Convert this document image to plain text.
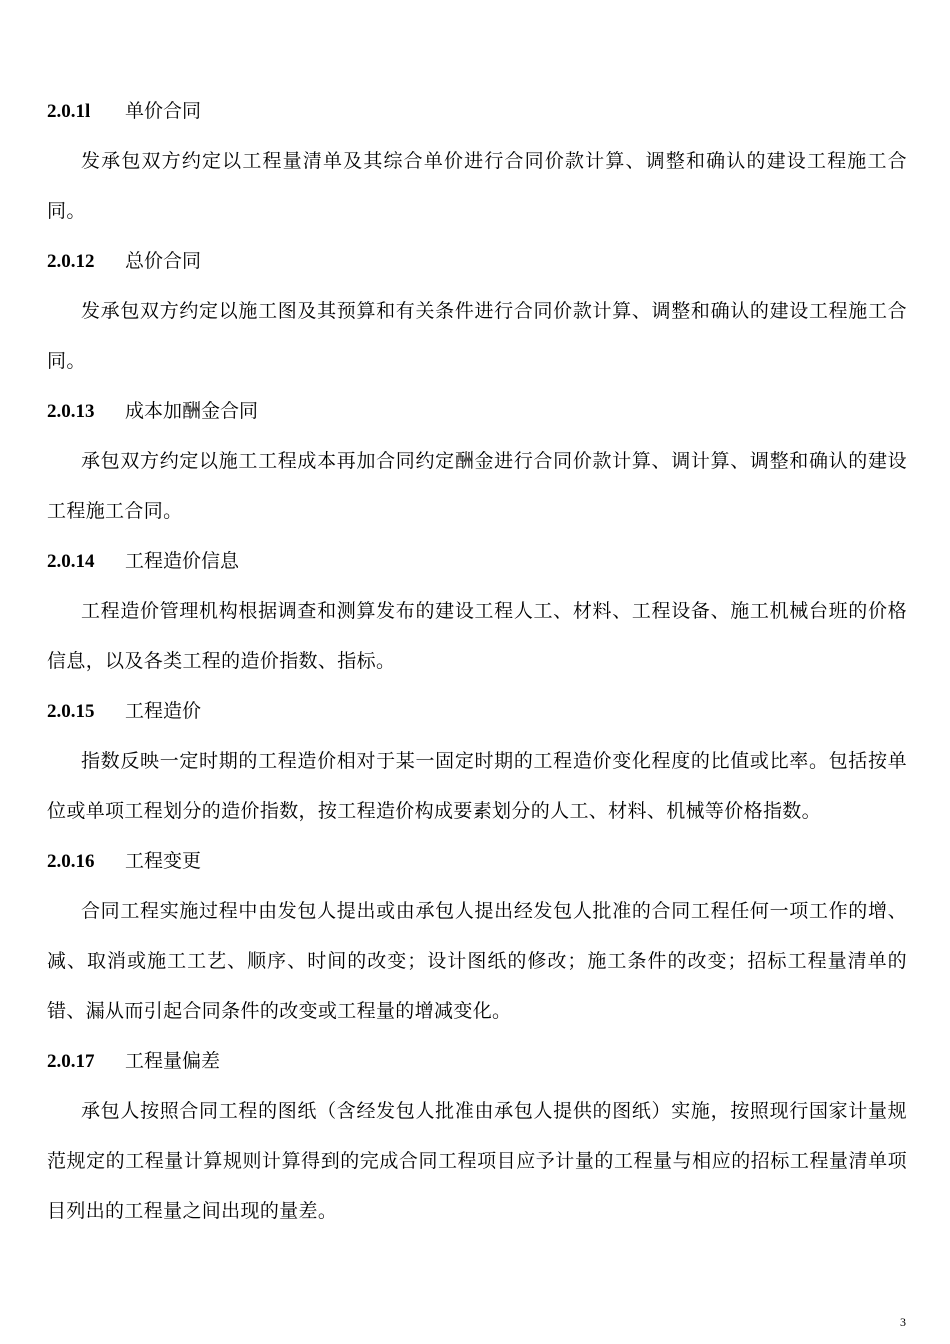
2.0.1l 单价合同

发承包双方约定以工程量清单及其综合单价进行合同价款计算、调整和确认的建设工程施工合同。

2.0.12 总价合同

发承包双方约定以施工图及其预算和有关条件进行合同价款计算、调整和确认的建设工程施工合同。

2.0.13 成本加酬金合同

承包双方约定以施工工程成本再加合同约定酬金进行合同价款计算、调计算、调整和确认的建设工程施工合同。

2.0.14 工程造价信息

工程造价管理机构根据调查和测算发布的建设工程人工、材料、工程设备、施工机械台班的价格信息，以及各类工程的造价指数、指标。

2.0.15 工程造价

指数反映一定时期的工程造价相对于某一固定时期的工程造价变化程度的比值或比率。包括按单位或单项工程划分的造价指数，按工程造价构成要素划分的人工、材料、机械等价格指数。

2.0.16 工程变更

合同工程实施过程中由发包人提出或由承包人提出经发包人批准的合同工程任何一项工作的增、减、取消或施工工艺、顺序、时间的改变；设计图纸的修改；施工条件的改变；招标工程量清单的错、漏从而引起合同条件的改变或工程量的增减变化。

2.0.17 工程量偏差

承包人按照合同工程的图纸（含经发包人批准由承包人提供的图纸）实施，按照现行国家计量规范规定的工程量计算规则计算得到的完成合同工程项目应予计量的工程量与相应的招标工程量清单项目列出的工程量之间出现的量差。

3
